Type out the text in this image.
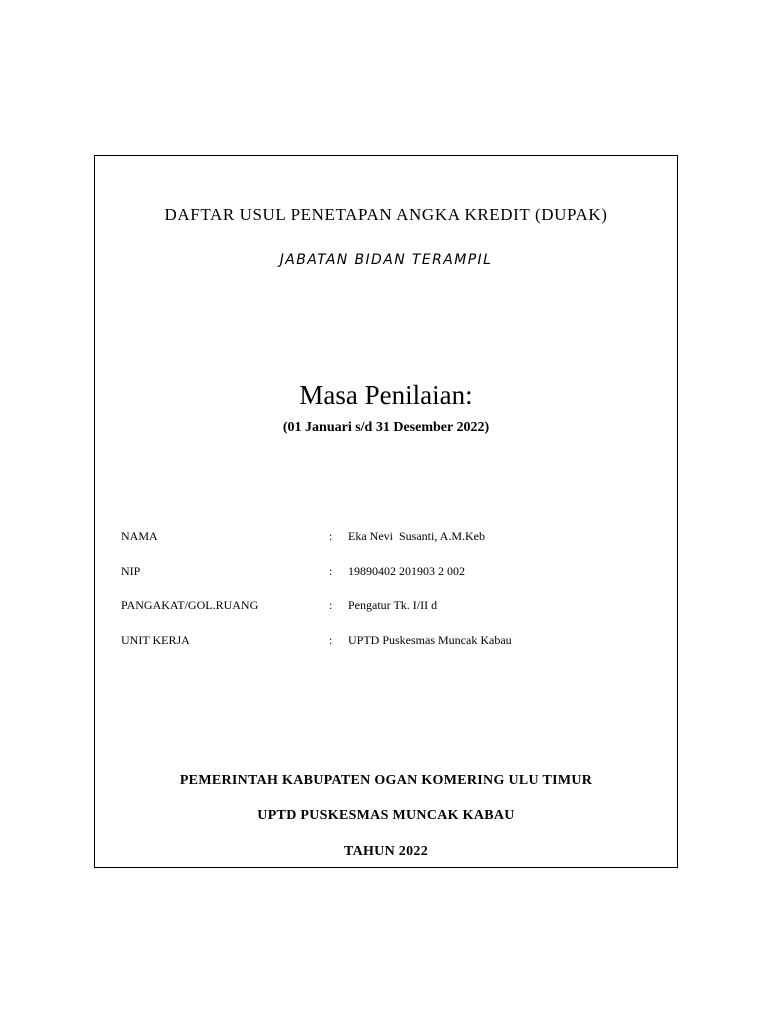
DAFTAR USUL PENETAPAN ANGKA KREDIT (DUPAK)
JABATAN BIDAN TERAMPIL
Masa Penilaian:
(01 Januari s/d 31 Desember 2022)
NAMA	: Eka Nevi  Susanti, A.M.Keb
NIP	: 19890402 201903 2 002
PANGAKAT/GOL.RUANG	: Pengatur Tk. I/II d
UNIT KERJA	: UPTD Puskesmas Muncak Kabau
PEMERINTAH KABUPATEN OGAN KOMERING ULU TIMUR
UPTD PUSKESMAS MUNCAK KABAU
TAHUN 2022
